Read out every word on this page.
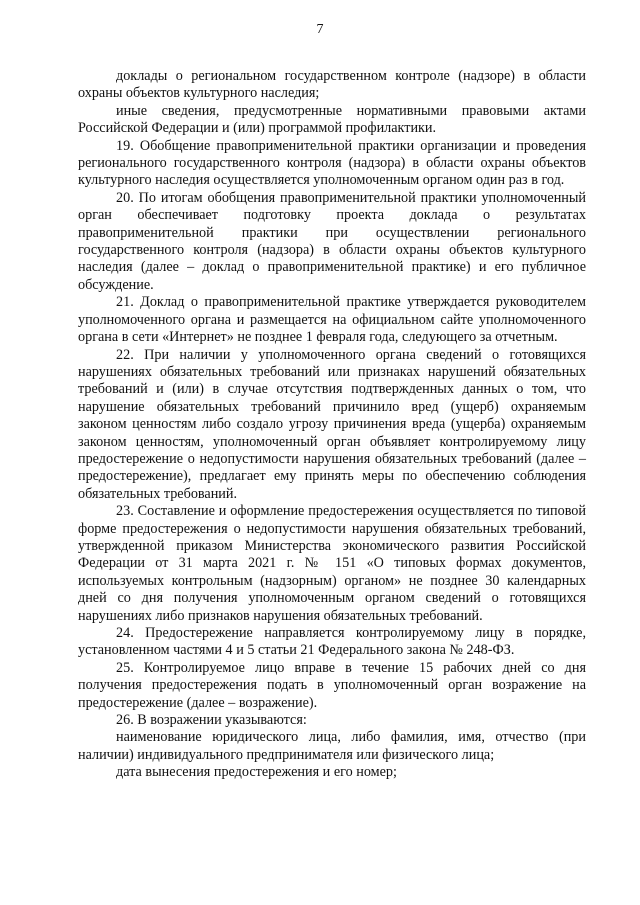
7

доклады о региональном государственном контроле (надзоре) в области охраны объектов культурного наследия;

иные сведения, предусмотренные нормативными правовыми актами Российской Федерации и (или) программой профилактики.

19. Обобщение правоприменительной практики организации и проведения регионального государственного контроля (надзора) в области охраны объектов культурного наследия осуществляется уполномоченным органом один раз в год.

20. По итогам обобщения правоприменительной практики уполномоченный орган обеспечивает подготовку проекта доклада о результатах правоприменительной практики при осуществлении регионального государственного контроля (надзора) в области охраны объектов культурного наследия (далее – доклад о правоприменительной практике) и его публичное обсуждение.

21. Доклад о правоприменительной практике утверждается руководителем уполномоченного органа и размещается на официальном сайте уполномоченного органа в сети «Интернет» не позднее 1 февраля года, следующего за отчетным.

22. При наличии у уполномоченного органа сведений о готовящихся нарушениях обязательных требований или признаках нарушений обязательных требований и (или) в случае отсутствия подтвержденных данных о том, что нарушение обязательных требований причинило вред (ущерб) охраняемым законом ценностям либо создало угрозу причинения вреда (ущерба) охраняемым законом ценностям, уполномоченный орган объявляет контролируемому лицу предостережение о недопустимости нарушения обязательных требований (далее – предостережение), предлагает ему принять меры по обеспечению соблюдения обязательных требований.

23. Составление и оформление предостережения осуществляется по типовой форме предостережения о недопустимости нарушения обязательных требований, утвержденной приказом Министерства экономического развития Российской Федерации от 31 марта 2021 г. № 151 «О типовых формах документов, используемых контрольным (надзорным) органом» не позднее 30 календарных дней со дня получения уполномоченным органом сведений о готовящихся нарушениях либо признаков нарушения обязательных требований.

24. Предостережение направляется контролируемому лицу в порядке, установленном частями 4 и 5 статьи 21 Федерального закона № 248-ФЗ.

25. Контролируемое лицо вправе в течение 15 рабочих дней со дня получения предостережения подать в уполномоченный орган возражение на предостережение (далее – возражение).

26. В возражении указываются:

наименование юридического лица, либо фамилия, имя, отчество (при наличии) индивидуального предпринимателя или физического лица;

дата вынесения предостережения и его номер;
